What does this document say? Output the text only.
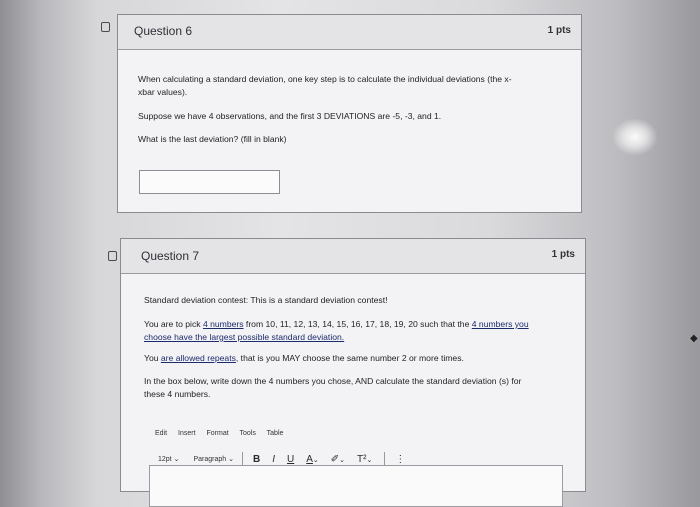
Question 6	1 pts
When calculating a standard deviation, one key step is to calculate the individual deviations (the x-
xbar values).
Suppose we have 4 observations, and the first 3 DEVIATIONS are -5, -3, and 1.
What is the last deviation? (fill in blank)
Question 7	1 pts
Standard deviation contest: This is a standard deviation contest!
You are to pick 4 numbers from 10, 11, 12, 13, 14, 15, 16, 17, 18, 19, 20 such that the 4 numbers you
choose have the largest possible standard deviation.
You are allowed repeats, that is you MAY choose the same number 2 or more times.
In the box below, write down the 4 numbers you chose, AND calculate the standard deviation (s) for
these 4 numbers.
Edit Insert Format Tools Table
12pt ⌄ Paragraph ⌄ B I U A⌄ ✐⌄ T²⌄ ⋮
◆
